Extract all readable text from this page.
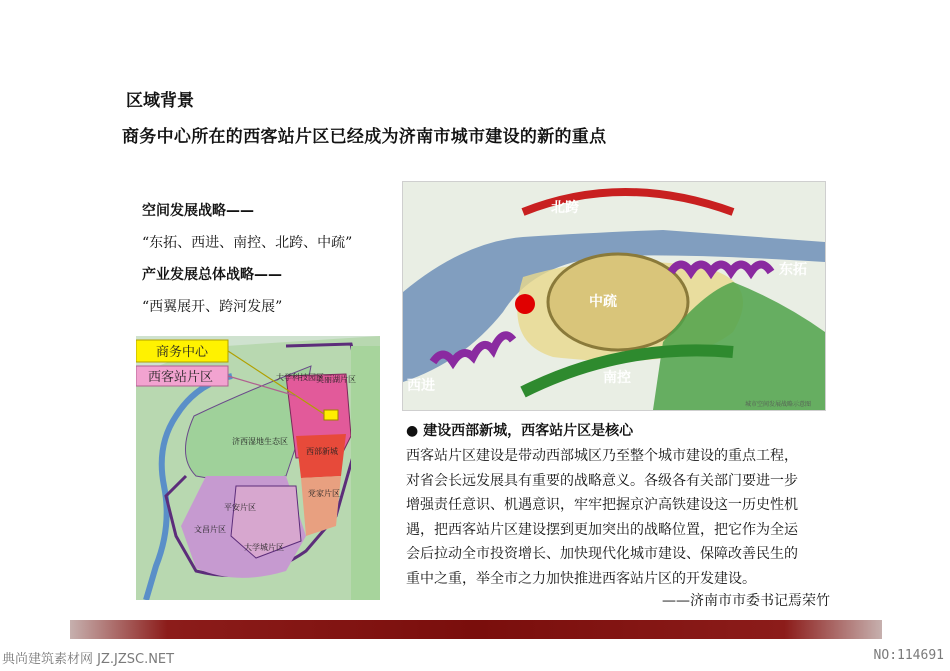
区域背景
商务中心所在的西客站片区已经成为济南市城市建设的新的重点
空间发展战略——
“东拓、西进、南控、北跨、中疏”
产业发展总体战略——
“西翼展开、跨河发展”
商务中心
西客站片区	大学科技园区
美丽湖片区
济西湿地生态区
西部新城
党家片区
平安片区
文昌片区
大学城片区
北跨
东拓
中疏
西进	南控
城市空间发展战略示意图
● 建设西部新城，西客站片区是核心
西客站片区建设是带动西部城区乃至整个城市建设的重点工程，
对省会长远发展具有重要的战略意义。各级各有关部门要进一步
增强责任意识、机遇意识，牢牢把握京沪高铁建设这一历史性机
遇，把西客站片区建设摆到更加突出的战略位置，把它作为全运
会后拉动全市投资增长、加快现代化城市建设、保障改善民生的
重中之重，举全市之力加快推进西客站片区的开发建设。
——济南市市委书记焉荣竹
典尚建筑素材网 JZ.JZSC.NET	NO:114691
